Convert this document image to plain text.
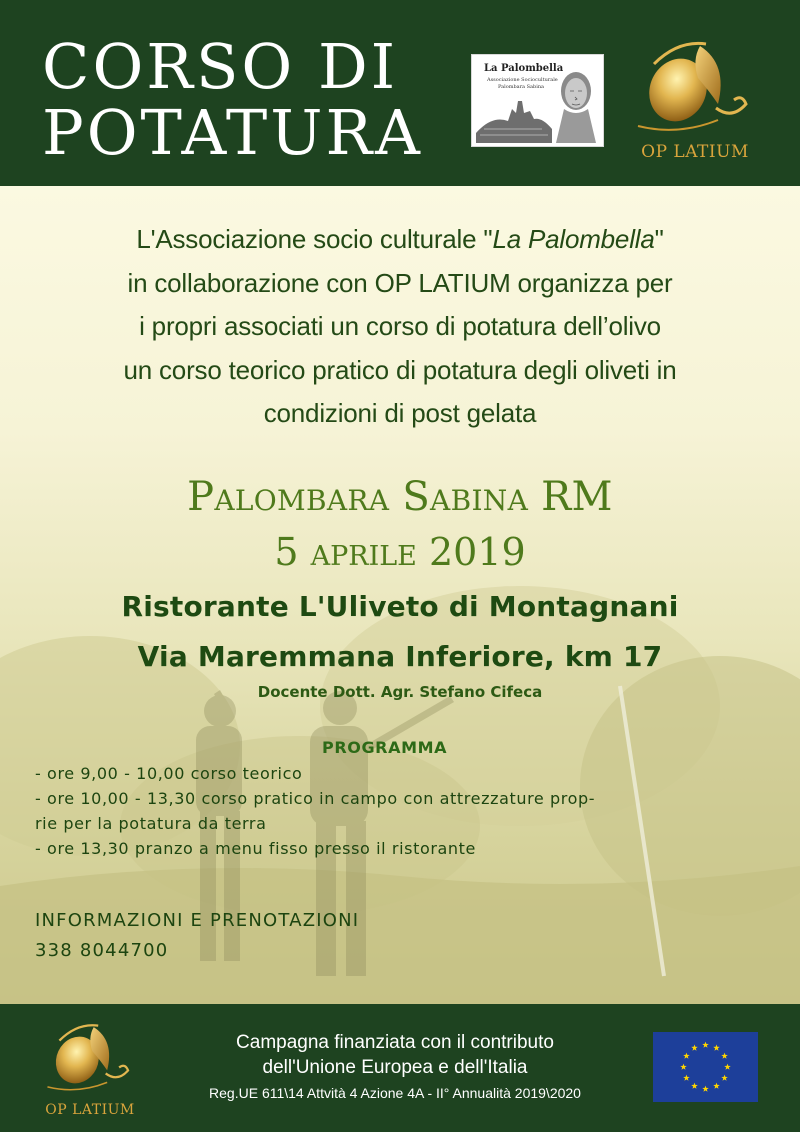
CORSO DI
POTATURA
La Palombella
Associazione Socioculturale
Palombara Sabina
OP LATIUM
L'Associazione socio culturale "La Palombella"
in collaborazione con OP LATIUM organizza per
i propri associati un corso di potatura dell’olivo
un corso teorico pratico di potatura degli oliveti in
condizioni di post gelata
Palombara Sabina RM
5 aprile 2019
Ristorante L'Uliveto di Montagnani
Via Maremmana Inferiore, km 17
Docente Dott. Agr. Stefano Cifeca
PROGRAMMA
- ore 9,00 - 10,00 corso teorico
- ore 10,00 - 13,30 corso pratico in campo con attrezzature prop-
rie per la potatura da terra
- ore 13,30 pranzo a menu fisso presso il ristorante
INFORMAZIONI E PRENOTAZIONI
338 8044700
OP LATIUM
Campagna finanziata con il contributo
dell'Unione Europea e dell'Italia
Reg.UE 611\14 Attvità 4 Azione 4A - II° Annualità 2019\2020
